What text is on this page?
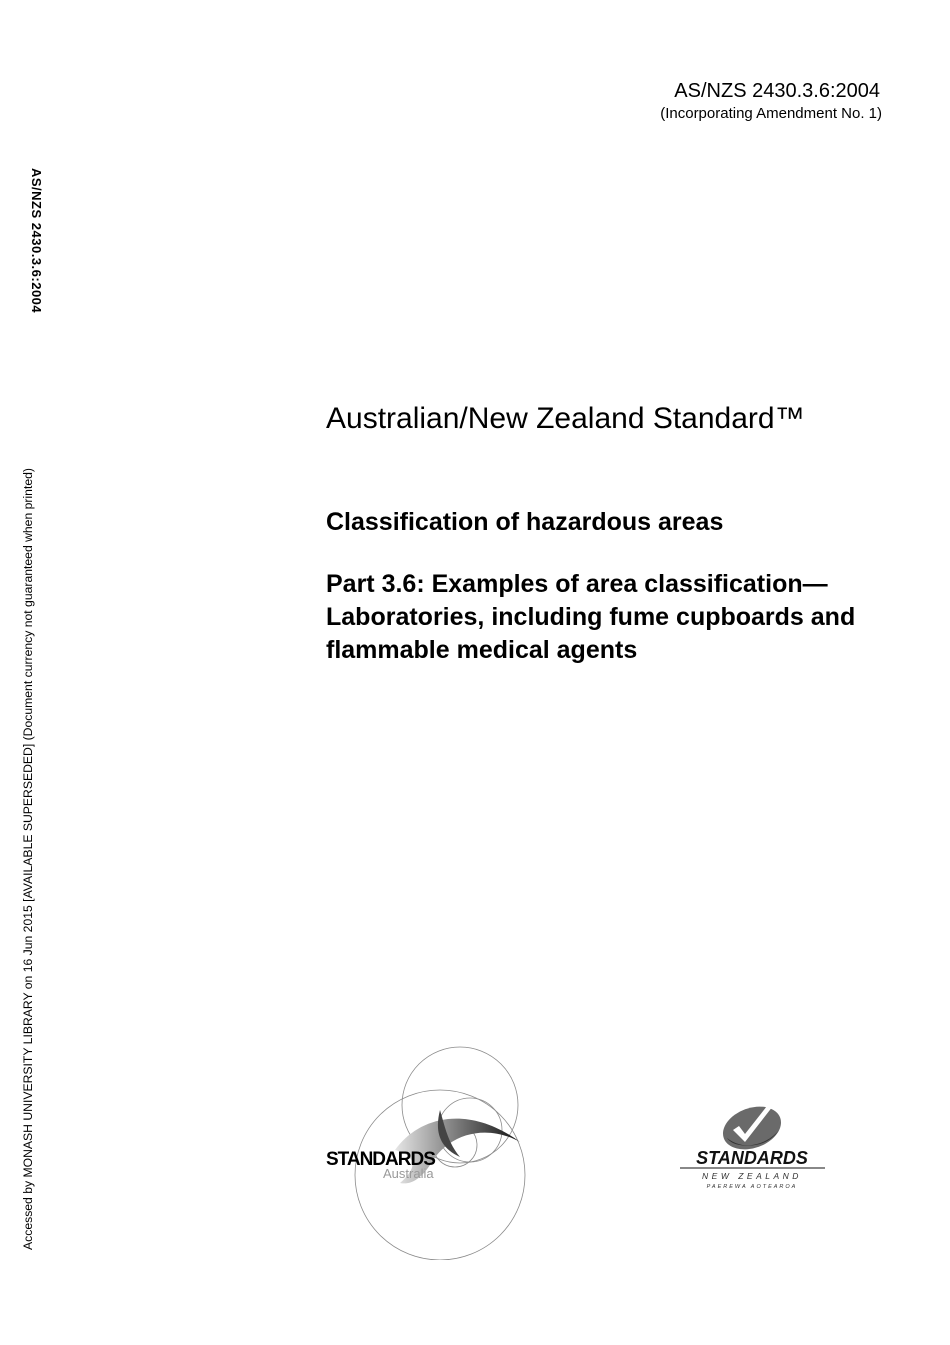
AS/NZS 2430.3.6:2004
(Incorporating Amendment No. 1)
AS/NZS 2430.3.6:2004
Accessed by MONASH UNIVERSITY LIBRARY on 16 Jun 2015 [AVAILABLE SUPERSEDED] (Document currency not guaranteed when printed)
Australian/New Zealand Standard™
Classification of hazardous areas
Part 3.6: Examples of area classification—Laboratories, including fume cupboards and flammable medical agents
STANDARDS
Australia
STANDARDS
NEW ZEALAND
PAEREWA AOTEAROA
